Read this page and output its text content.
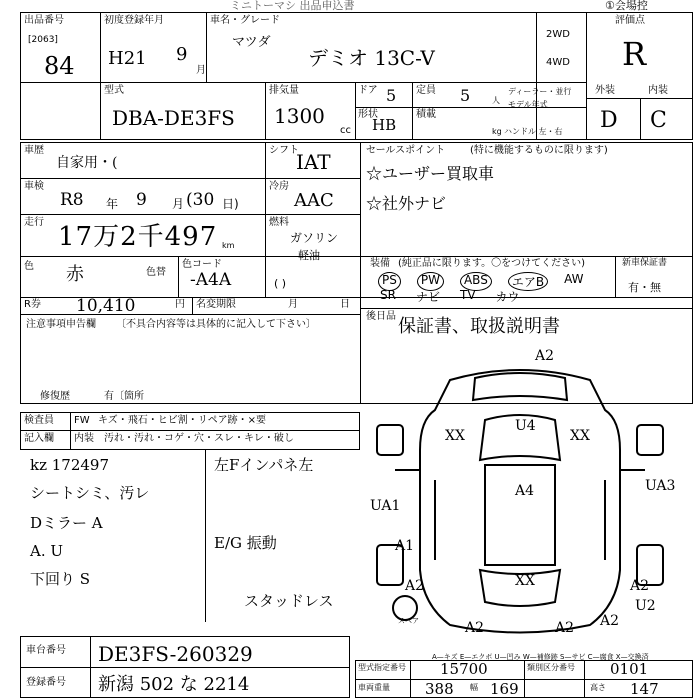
ミニトーマシ 出品申込書	①会場控
出品番号
[2063]
84
初度登録年月
H21 9
月
車名・グレード
マツダ
デミオ 13C-V
2WD
4WD
評価点
R
型式
DBA-DE3FS
排気量
1300
cc
ドア 5 定員 5	人
ディーラー・並行
モデル年式
形状
HB
積載
kg ハンドル 左・右
外装	内装
D C
車歴
自家用・(
シフト
IAT	セールスポイント (特に機能するものに限ります)
☆ユーザー買取車
☆社外ナビ
車検
R8 年 9 月 (30 日)
冷房
AAC
走行 17万2千497 km
燃料
ガソリン
軽油
( )
装備 (純正品に限ります。〇をつけてください)	新車保証書
有・無
PS	PW	ABS	エアB	AW
SR ナビ TV カウ
色 赤	色替
色コード
-A4A
R券 10,410	円 名変期限	月	日
後日品 保証書、取扱説明書
注意事項申告欄 〔不具合内容等は具体的に記入して下さい〕
修復歴	有〔箇所
検査員
記入欄
FW キズ・飛石・ヒビ割・リペア跡・×要
内装 汚れ・汚れ・コゲ・穴・スレ・キレ・破し
kz 172497
シートシミ、汚レ
Dミラー A
A. U
下回り S
左Fインパネ左
E/G 振動
スタッドレス
A2
U4
XX	XX
A4
UA1
UA3
A1
A2	XX	A2
U2
A2	A2 A2
スペア
A—キズ E—エクボ U—凹み W—補修跡 S—サビ C—腐食 X—交換済
車台番号 DE3FS-260329
登録番号 新潟 502 な 2214
型式指定番号 15700	類別区分番号 0101
車両重量 388 幅 169	高さ 147
